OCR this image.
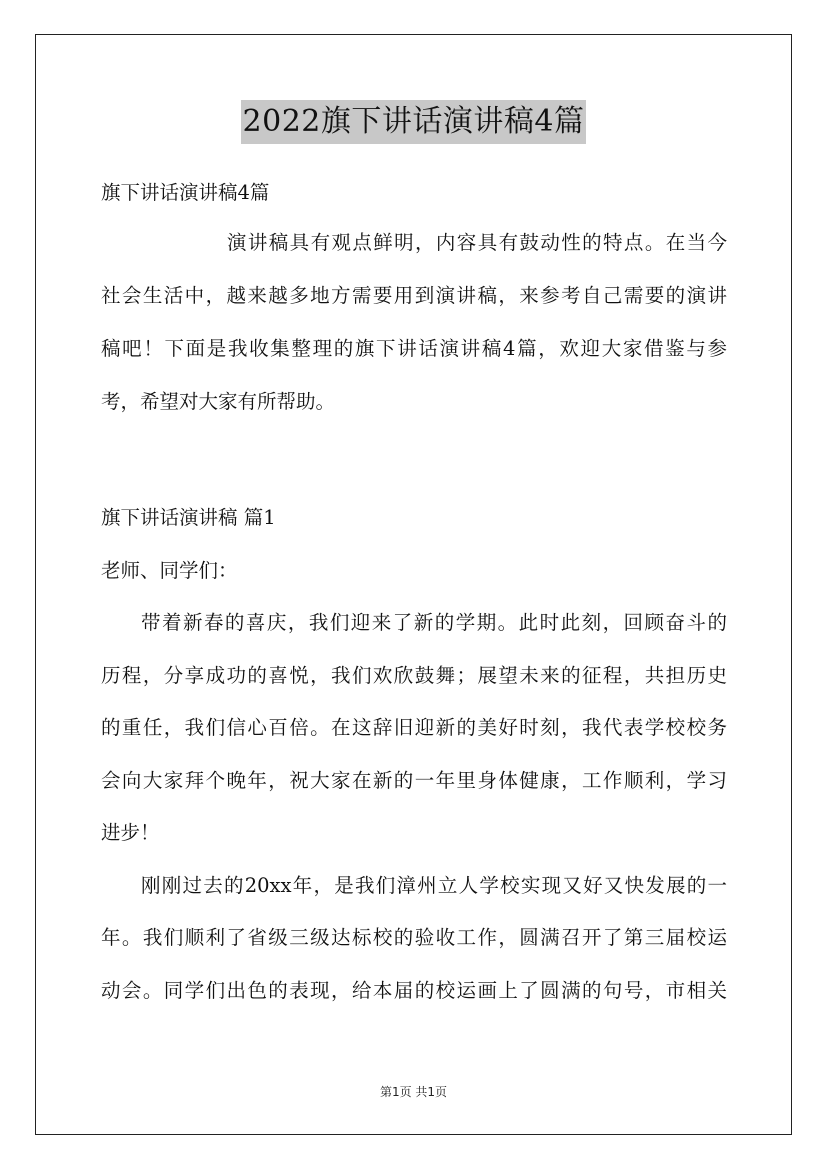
2022旗下讲话演讲稿4篇
旗下讲话演讲稿4篇
演讲稿具有观点鲜明，内容具有鼓动性的特点。在当今
社会生活中，越来越多地方需要用到演讲稿，来参考自己需要的演讲
稿吧！下面是我收集整理的旗下讲话演讲稿4篇，欢迎大家借鉴与参
考，希望对大家有所帮助。
旗下讲话演讲稿 篇1
老师、同学们：
带着新春的喜庆，我们迎来了新的学期。此时此刻，回顾奋斗的
历程，分享成功的喜悦，我们欢欣鼓舞；展望未来的征程，共担历史
的重任，我们信心百倍。在这辞旧迎新的美好时刻，我代表学校校务
会向大家拜个晚年，祝大家在新的一年里身体健康，工作顺利，学习
进步！
刚刚过去的20xx年，是我们漳州立人学校实现又好又快发展的一
年。我们顺利了省级三级达标校的验收工作，圆满召开了第三届校运
动会。同学们出色的表现，给本届的校运画上了圆满的句号，市相关
第1页 共1页
